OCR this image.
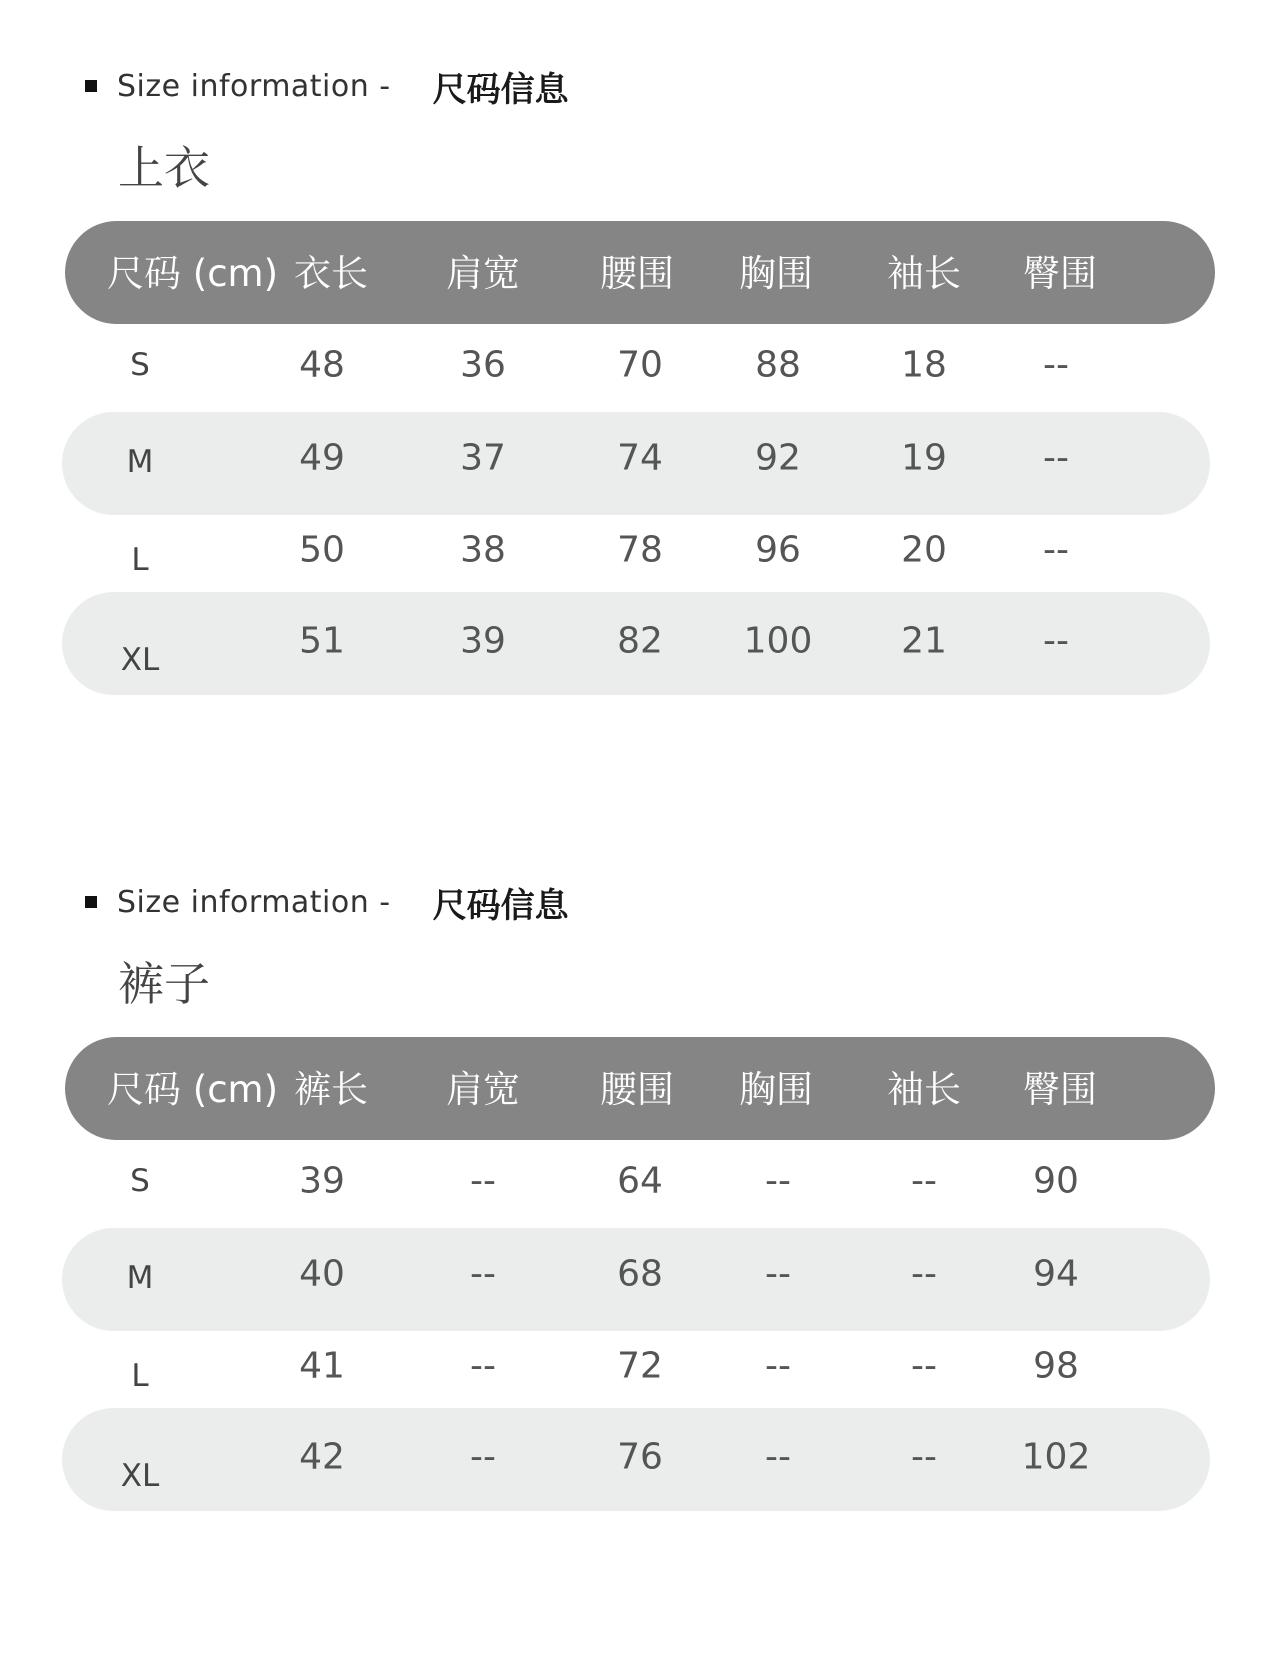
Size information - 尺码信息
上衣
尺码 (cm) 衣长 肩宽 腰围 胸围 袖长 臀围
S	48	36	70	88	18	--
M	49	37	74	92	19	--
L	50	38	78	96	20	--
XL	51	39	82 100 21	--
Size information - 尺码信息
裤子
尺码 (cm) 裤长 肩宽 腰围 胸围 袖长 臀围
S	39	--	64	--	--	90
M	40	--	68	--	--	94
L	41	--	72	--	--	98
XL	42	--	76	--	-- 102
